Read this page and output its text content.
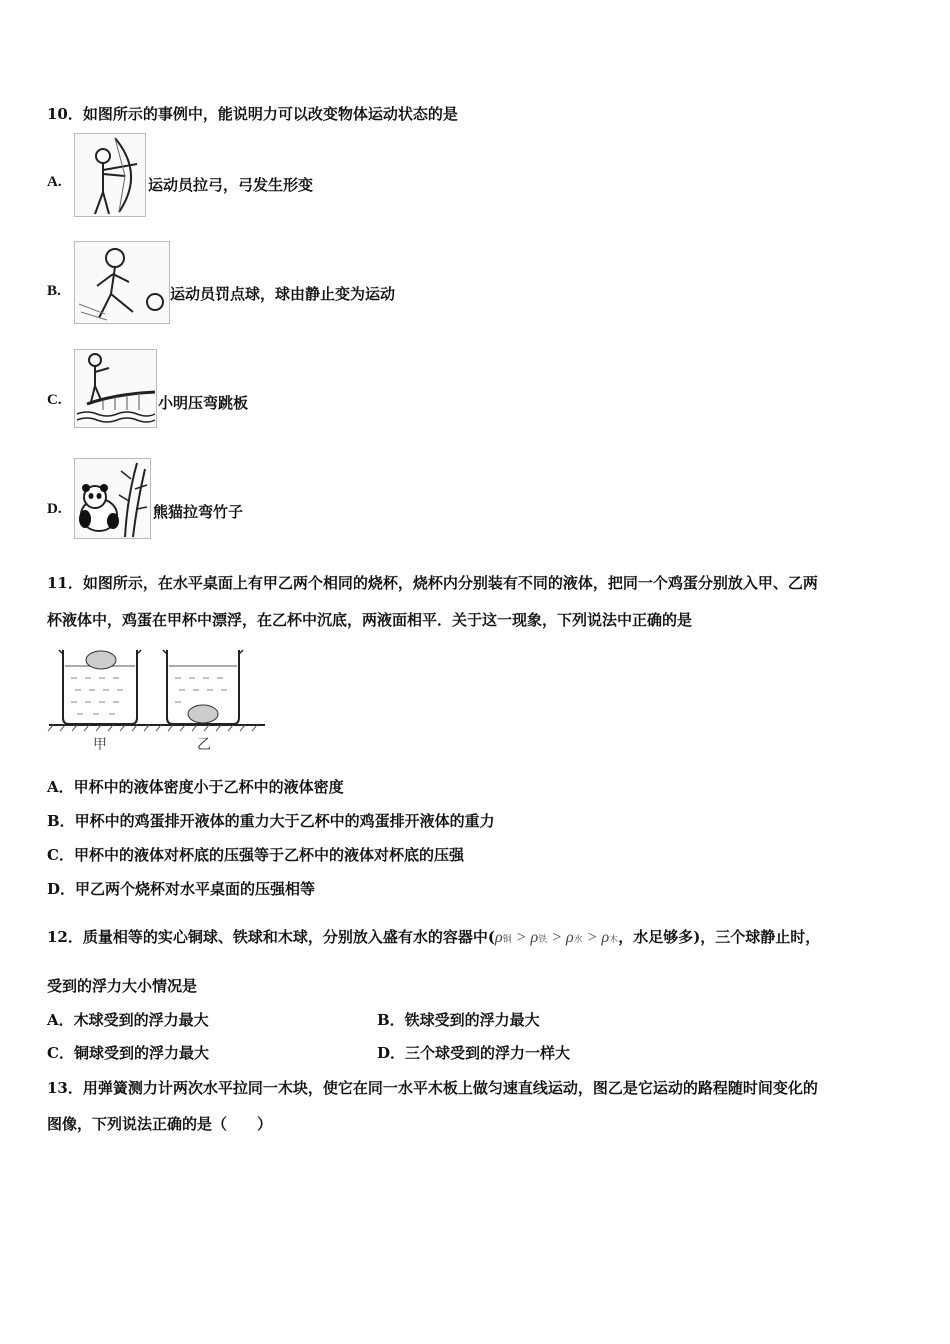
10．如图所示的事例中，能说明力可以改变物体运动状态的是
A.	运动员拉弓，弓发生形变
B.	运动员罚点球，球由静止变为运动
C.	小明压弯跳板
D.	熊猫拉弯竹子
11．如图所示，在水平桌面上有甲乙两个相同的烧杯，烧杯内分别装有不同的液体，把同一个鸡蛋分别放入甲、乙两
杯液体中，鸡蛋在甲杯中漂浮，在乙杯中沉底，两液面相平．关于这一现象，下列说法中正确的是
甲	乙
A．甲杯中的液体密度小于乙杯中的液体密度
B．甲杯中的鸡蛋排开液体的重力大于乙杯中的鸡蛋排开液体的重力
C．甲杯中的液体对杯底的压强等于乙杯中的液体对杯底的压强
D．甲乙两个烧杯对水平桌面的压强相等
12．质量相等的实心铜球、铁球和木球，分别放入盛有水的容器中(ρ铜 > ρ铁 > ρ水 > ρ木，水足够多)，三个球静止时，
受到的浮力大小情况是
A．木球受到的浮力最大	B．铁球受到的浮力最大
C．铜球受到的浮力最大	D．三个球受到的浮力一样大
13．用弹簧测力计两次水平拉同一木块，使它在同一水平木板上做匀速直线运动，图乙是它运动的路程随时间变化的
图像，下列说法正确的是（　　）
